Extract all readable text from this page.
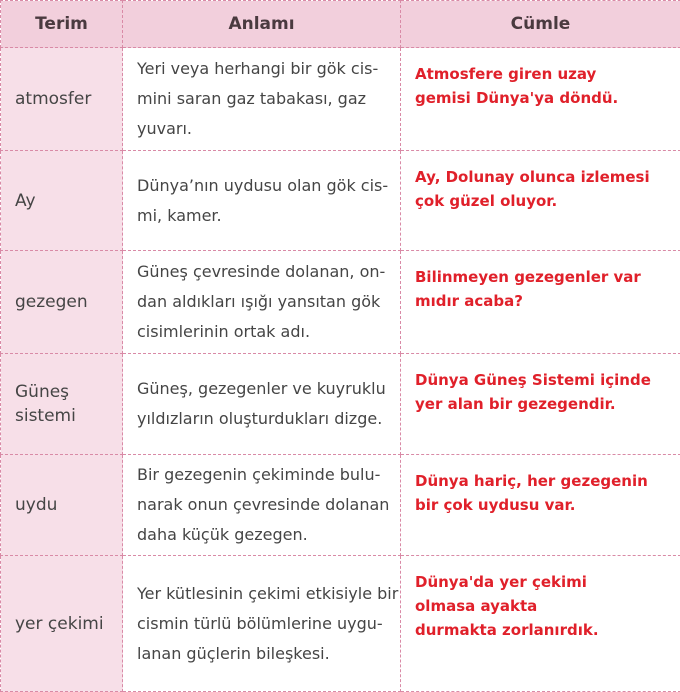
Terim	Anlamı	Cümle

atmosfer	Yeri veya herhangi bir gök cis-
mini saran gaz tabakası, gaz
yuvarı.	Atmosfere giren uzay
gemisi Dünya'ya döndü.

Ay	Dünya’nın uydusu olan gök cis-
mi, kamer.	Ay, Dolunay olunca izlemesi
çok güzel oluyor.

gezegen	Güneş çevresinde dolanan, on-
dan aldıkları ışığı yansıtan gök
cisimlerinin ortak adı.	Bilinmeyen gezegenler var
mıdır acaba?

Güneş
sistemi	Güneş, gezegenler ve kuyruklu
yıldızların oluşturdukları dizge.	Dünya Güneş Sistemi içinde
yer alan bir gezegendir.

uydu	Bir gezegenin çekiminde bulu-
narak onun çevresinde dolanan
daha küçük gezegen.	Dünya hariç, her gezegenin
bir çok uydusu var.

yer çekimi	Yer kütlesinin çekimi etkisiyle bir
cismin türlü bölümlerine uygu-
lanan güçlerin bileşkesi.	Dünya'da yer çekimi
olmasa ayakta
durmakta zorlanırdık.
